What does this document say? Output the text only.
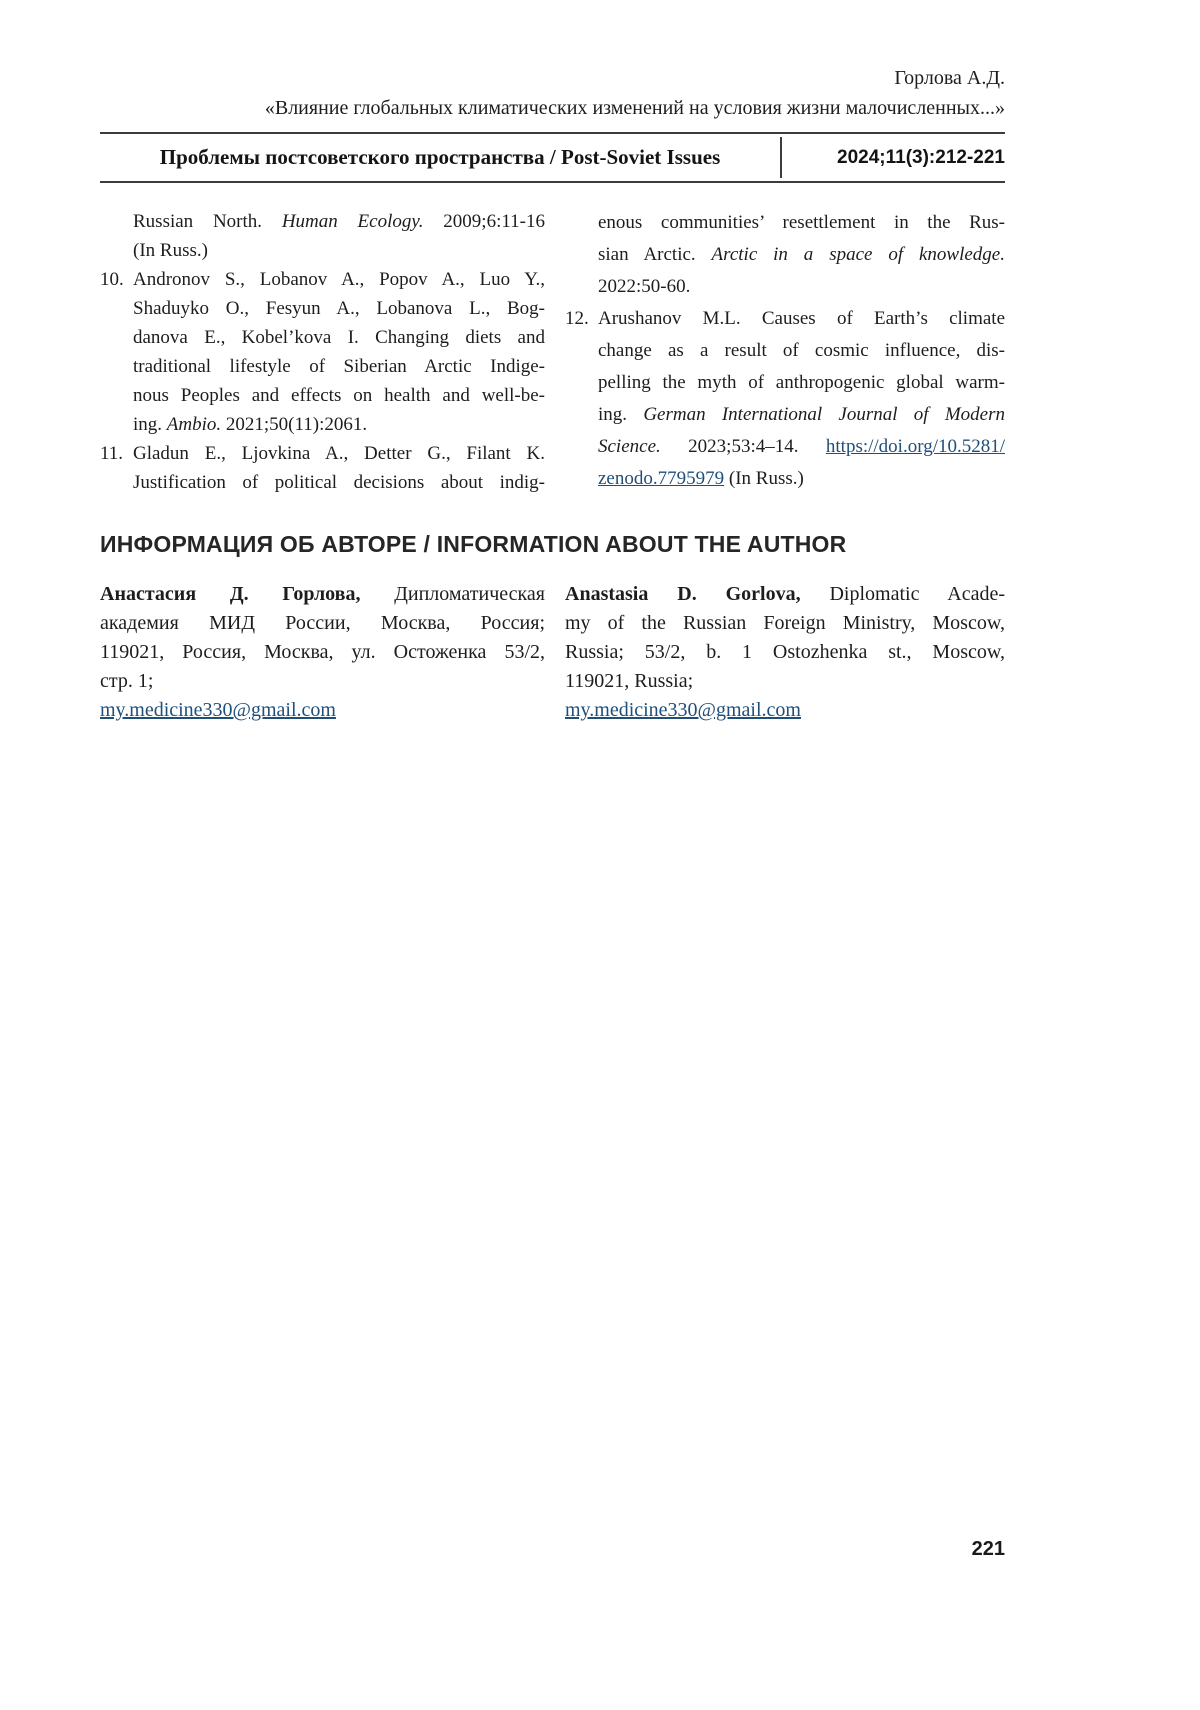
Горлова А.Д.
«Влияние глобальных климатических изменений на условия жизни малочисленных...»
Проблемы постсоветского пространства / Post-Soviet Issues	2024;11(3):212-221
Russian North. Human Ecology. 2009;6:11-16
(In Russ.)
10. Andronov S., Lobanov A., Popov A., Luo Y.,
Shaduyko O., Fesyun A., Lobanova L., Bog-
danova E., Kobel’kova I. Changing diets and
traditional lifestyle of Siberian Arctic Indige-
nous Peoples and effects on health and well-be-
ing. Ambio. 2021;50(11):2061.
11. Gladun E., Ljovkina A., Detter G., Filant K.
Justification of political decisions about indig-
enous communities’ resettlement in the Rus-
sian Arctic. Arctic in a space of knowledge.
2022:50-60.
12. Arushanov M.L. Causes of Earth’s climate
change as a result of cosmic influence, dis-
pelling the myth of anthropogenic global warm-
ing. German International Journal of Modern
Science. 2023;53:4–14. https://doi.org/10.5281/
zenodo.7795979 (In Russ.)
ИНФОРМАЦИЯ ОБ АВТОРЕ / INFORMATION ABOUT THE AUTHOR
Анастасия Д. Горлова, Дипломатическая
академия МИД России, Москва, Россия;
119021, Россия, Москва, ул. Остоженка 53/2,
стр. 1;
my.medicine330@gmail.com
Anastasia D. Gorlova, Diplomatic Acade-
my of the Russian Foreign Ministry, Moscow,
Russia; 53/2, b. 1 Ostozhenka st., Moscow,
119021, Russia;
my.medicine330@gmail.com
221
